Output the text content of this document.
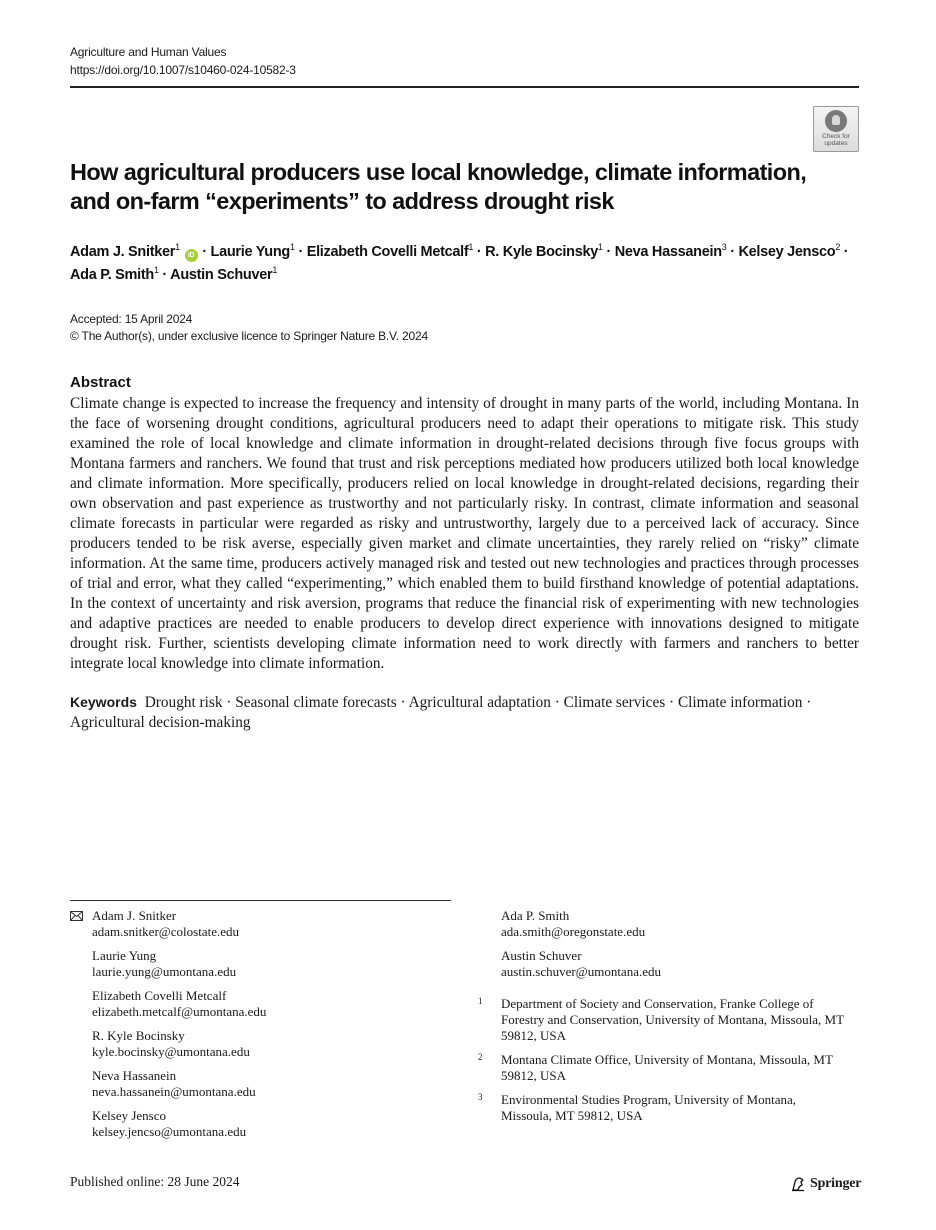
Agriculture and Human Values
https://doi.org/10.1007/s10460-024-10582-3
Check for
updates
How agricultural producers use local knowledge, climate information,
and on-farm “experiments” to address drought risk
Adam J. Snitker$^1$ iD · Laurie Yung$^1$ · Elizabeth Covelli Metcalf$^1$ · R. Kyle Bocinsky$^1$ · Neva Hassanein$^3$ · Kelsey Jensco$^2$ ·
Ada P. Smith$^1$ · Austin Schuver$^1$
Accepted: 15 April 2024
© The Author(s), under exclusive licence to Springer Nature B.V. 2024
Abstract

Climate change is expected to increase the frequency and intensity of drought in many parts of the world, including Montana. In the face of worsening drought conditions, agricultural producers need to adapt their operations to mitigate risk. This study examined the role of local knowledge and climate information in drought-related decisions through five focus groups with Montana farmers and ranchers. We found that trust and risk perceptions mediated how producers utilized both local knowledge and climate information. More specifically, producers relied on local knowledge in drought-related decisions, regarding their own observation and past experience as trustworthy and not particularly risky. In contrast, climate information and seasonal climate forecasts in particular were regarded as risky and untrustworthy, largely due to a perceived lack of accuracy. Since producers tended to be risk averse, especially given market and climate uncertainties, they rarely relied on “risky” climate information. At the same time, producers actively managed risk and tested out new technologies and practices through processes of trial and error, what they called “experimenting,” which enabled them to build firsthand knowledge of potential adaptations. In the context of uncertainty and risk aversion, programs that reduce the financial risk of experimenting with new technologies and adaptive practices are needed to enable producers to develop direct experience with innovations designed to mitigate drought risk. Further, scientists developing climate information need to work directly with farmers and ranchers to better integrate local knowledge into climate information.

Keywords Drought risk · Seasonal climate forecasts · Agricultural adaptation · Climate services · Climate information · Agricultural decision-making
Adam J. Snitker
adam.snitker@colostate.edu
Laurie Yung
laurie.yung@umontana.edu
Elizabeth Covelli Metcalf
elizabeth.metcalf@umontana.edu
R. Kyle Bocinsky
kyle.bocinsky@umontana.edu
Neva Hassanein
neva.hassanein@umontana.edu
Kelsey Jensco
kelsey.jencso@umontana.edu
Ada P. Smith
ada.smith@oregonstate.edu
Austin Schuver
austin.schuver@umontana.edu
1 Department of Society and Conservation, Franke College of Forestry and Conservation, University of Montana, Missoula, MT 59812, USA
2 Montana Climate Office, University of Montana, Missoula, MT 59812, USA
3 Environmental Studies Program, University of Montana, Missoula, MT 59812, USA
Published online: 28 June 2024	Springer
